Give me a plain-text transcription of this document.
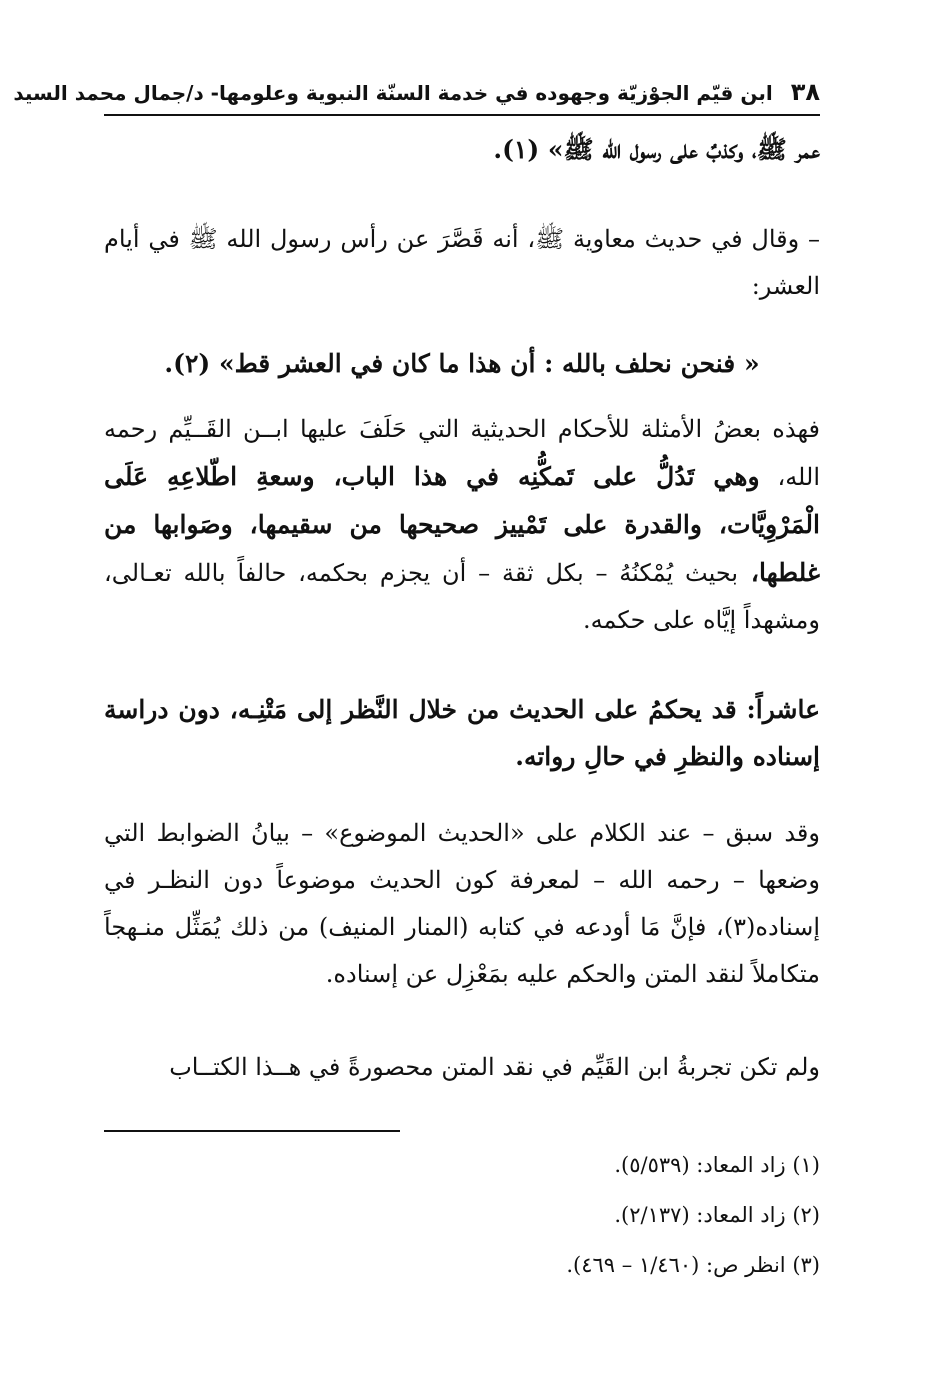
٣٨
ابن قيّم الجوْزيّة وجهوده في خدمة السنّة النبوية وعلومها- د/جمال محمد السيد

عمر ﷺ، وكذبٌ على رسول الله ﷺ» (١).

– وقال في حديث معاوية ﷺ، أنه قَصَّرَ عن رأس رسول الله ﷺ في أيام العشر:

« فنحن نحلف بالله : أن هذا ما كان في العشر قط» (٢).

فهذه بعضُ الأمثلة للأحكام الحديثية التي حَلَفَ عليها ابــن القَــيِّم رحمه الله، وهي تَدُلُّ على تَمكُّنِه في هذا الباب، وسعةِ اطّلاعِهِ عَلَى الْمَرْوِيَّات، والقدرة على تَمْييز صحيحها من سقيمها، وصَوابها من غلطها، بحيث يُمْكنُهُ – بكل ثقة – أن يجزم بحكمه، حالفاً بالله تعـالى، ومشهداً إيَّاه على حكمه.

عاشراً: قد يحكمُ على الحديث من خلال النَّظر إلى مَتْنِـه، دون دراسة إسناده والنظرِ في حالِ رواته.

وقد سبق – عند الكلام على «الحديث الموضوع» – بيانُ الضوابط التي وضعها – رحمه الله – لمعرفة كون الحديث موضوعاً دون النظـر في إسناده(٣)، فإنَّ مَا أودعه في كتابه (المنار المنيف) من ذلك يُمَثِّل منـهجاً متكاملاً لنقد المتن والحكم عليه بمَعْزِل عن إسناده.

ولم تكن تجربةُ ابن القَيِّم في نقد المتن محصورةً في هــذا الكتــاب

(١) زاد المعاد: (٥/٥٣٩).

(٢) زاد المعاد: (٢/١٣٧).

(٣) انظر ص: (١/٤٦٠ – ٤٦٩).
